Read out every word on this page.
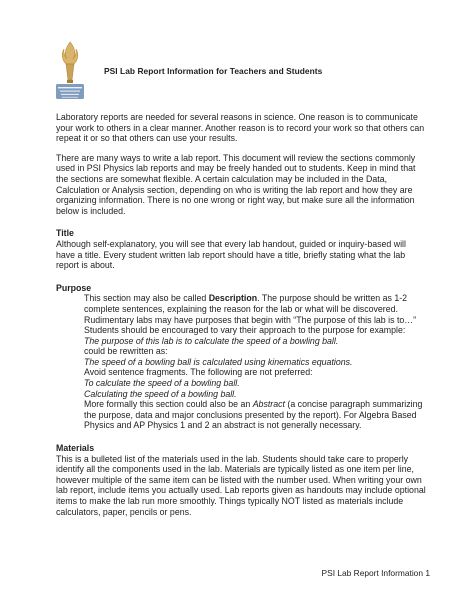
PSI Lab Report Information for Teachers and Students

Laboratory reports are needed for several reasons in science. One reason is to communicate your work to others in a clear manner. Another reason is to record your work so that others can repeat it or so that others can use your results.

There are many ways to write a lab report. This document will review the sections commonly used in PSI Physics lab reports and may be freely handed out to students. Keep in mind that the sections are somewhat flexible. A certain calculation may be included in the Data, Calculation or Analysis section, depending on who is writing the lab report and how they are organizing information. There is no one wrong or right way, but make sure all the information below is included.

Title

Although self-explanatory, you will see that every lab handout, guided or inquiry-based will have a title. Every student written lab report should have a title, briefly stating what the lab report is about.

Purpose

This section may also be called Description. The purpose should be written as 1-2 complete sentences, explaining the reason for the lab or what will be discovered. Rudimentary labs may have purposes that begin with “The purpose of this lab is to…” Students should be encouraged to vary their approach to the purpose for example:

The purpose of this lab is to calculate the speed of a bowling ball.

could be rewritten as:

The speed of a bowling ball is calculated using kinematics equations.

Avoid sentence fragments. The following are not preferred:

To calculate the speed of a bowling ball.

Calculating the speed of a bowling ball.

More formally this section could also be an Abstract (a concise paragraph summarizing the purpose, data and major conclusions presented by the report). For Algebra Based Physics and AP Physics 1 and 2 an abstract is not generally necessary.

Materials

This is a bulleted list of the materials used in the lab. Students should take care to properly identify all the components used in the lab. Materials are typically listed as one item per line, however multiple of the same item can be listed with the number used. When writing your own lab report, include items you actually used. Lab reports given as handouts may include optional items to make the lab run more smoothly. Things typically NOT listed as materials include calculators, paper, pencils or pens.

PSI Lab Report Information 1
